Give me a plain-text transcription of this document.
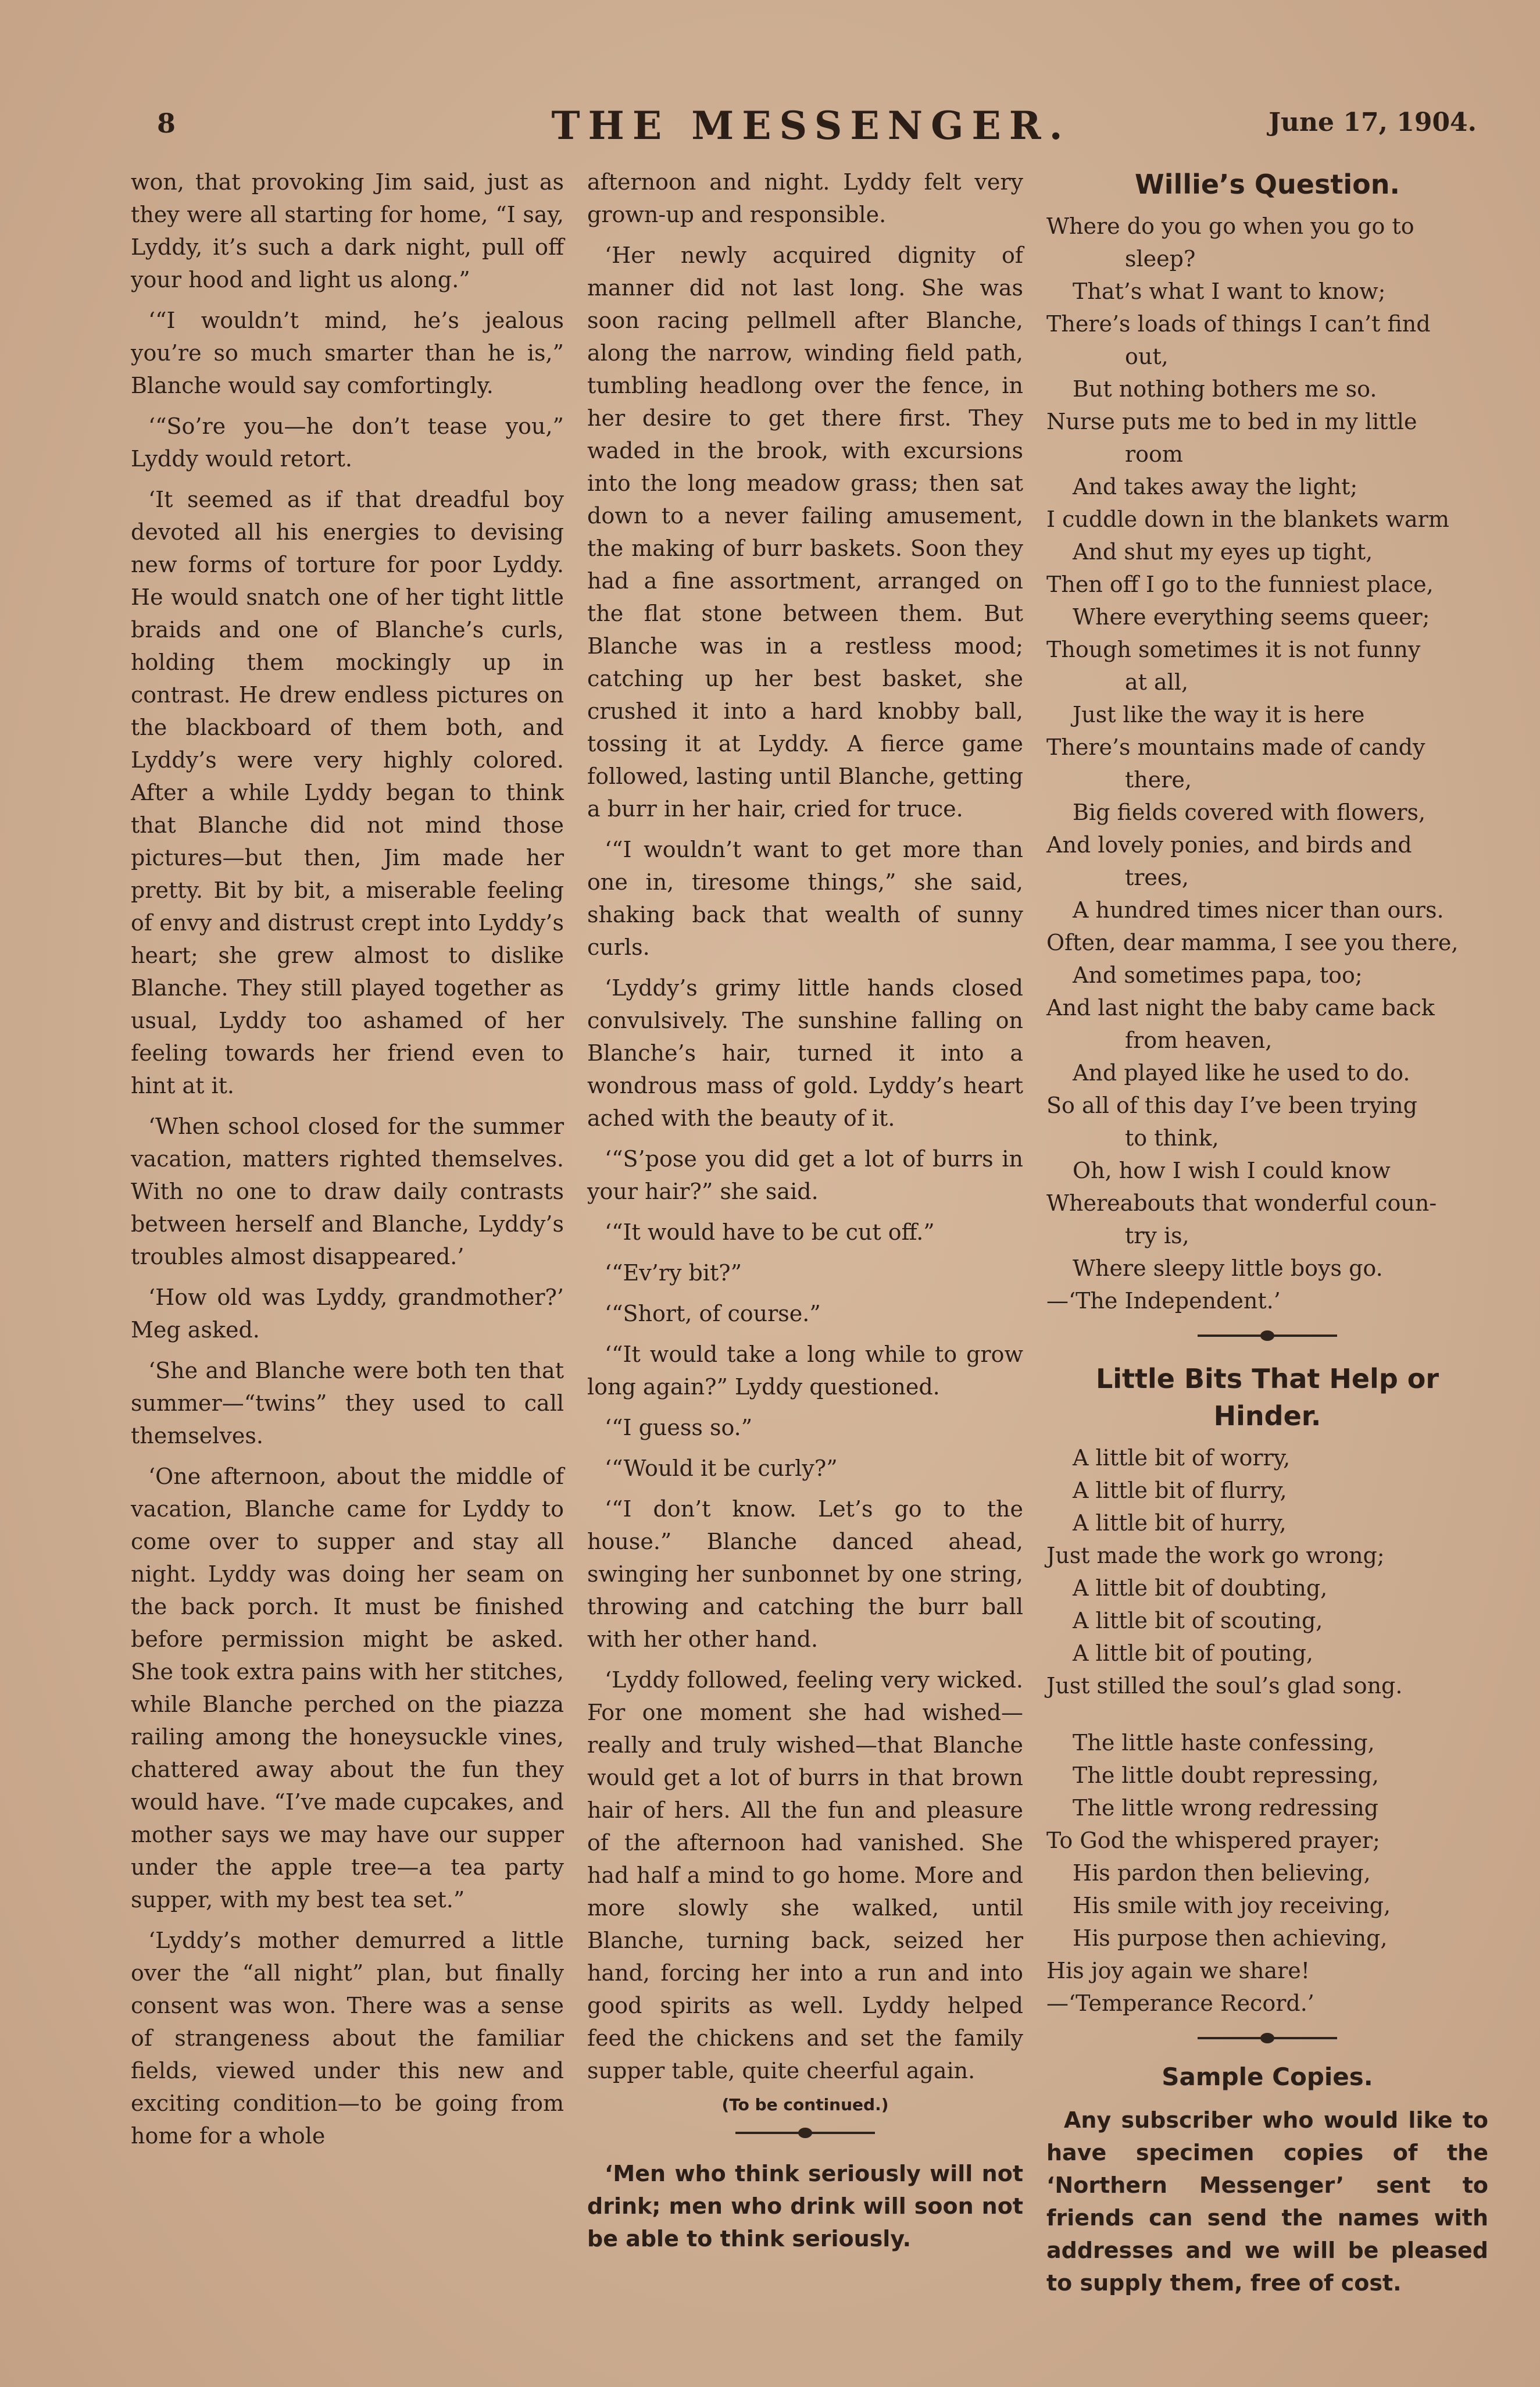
8	THE MESSENGER.	June 17, 1904.

won, that provoking Jim said, just as they were all starting for home, “I say, Lyddy, it’s such a dark night, pull off your hood and light us along.”

‘“I wouldn’t mind, he’s jealous you’re so much smarter than he is,” Blanche would say comfortingly.

‘“So’re you—he don’t tease you,” Lyddy would retort.

‘It seemed as if that dreadful boy devoted all his energies to devising new forms of torture for poor Lyddy. He would snatch one of her tight little braids and one of Blanche’s curls, holding them mockingly up in contrast. He drew endless pictures on the blackboard of them both, and Lyddy’s were very highly colored. After a while Lyddy began to think that Blanche did not mind those pictures—but then, Jim made her pretty. Bit by bit, a miserable feeling of envy and distrust crept into Lyddy’s heart; she grew almost to dislike Blanche. They still played together as usual, Lyddy too ashamed of her feeling towards her friend even to hint at it.

‘When school closed for the summer vacation, matters righted themselves. With no one to draw daily contrasts between herself and Blanche, Lyddy’s troubles almost disappeared.’

‘How old was Lyddy, grandmother?’ Meg asked.

‘She and Blanche were both ten that summer—“twins” they used to call themselves.

‘One afternoon, about the middle of vacation, Blanche came for Lyddy to come over to supper and stay all night. Lyddy was doing her seam on the back porch. It must be finished before permission might be asked. She took extra pains with her stitches, while Blanche perched on the piazza railing among the honeysuckle vines, chattered away about the fun they would have. “I’ve made cupcakes, and mother says we may have our supper under the apple tree—a tea party supper, with my best tea set.”

‘Lyddy’s mother demurred a little over the “all night” plan, but finally consent was won. There was a sense of strangeness about the familiar fields, viewed under this new and exciting condition—to be going from home for a whole

afternoon and night. Lyddy felt very grown-up and responsible.

‘Her newly acquired dignity of manner did not last long. She was soon racing pellmell after Blanche, along the narrow, winding field path, tumbling headlong over the fence, in her desire to get there first. They waded in the brook, with excursions into the long meadow grass; then sat down to a never failing amusement, the making of burr baskets. Soon they had a fine assortment, arranged on the flat stone between them. But Blanche was in a restless mood; catching up her best basket, she crushed it into a hard knobby ball, tossing it at Lyddy. A fierce game followed, lasting until Blanche, getting a burr in her hair, cried for truce.

‘“I wouldn’t want to get more than one in, tiresome things,” she said, shaking back that wealth of sunny curls.

‘Lyddy’s grimy little hands closed convulsively. The sunshine falling on Blanche’s hair, turned it into a wondrous mass of gold. Lyddy’s heart ached with the beauty of it.

‘“S’pose you did get a lot of burrs in your hair?” she said.

‘“It would have to be cut off.”

‘“Ev’ry bit?”

‘“Short, of course.”

‘“It would take a long while to grow long again?” Lyddy questioned.

‘“I guess so.”

‘“Would it be curly?”

‘“I don’t know. Let’s go to the house.” Blanche danced ahead, swinging her sunbonnet by one string, throwing and catching the burr ball with her other hand.

‘Lyddy followed, feeling very wicked. For one moment she had wished—really and truly wished—that Blanche would get a lot of burrs in that brown hair of hers. All the fun and pleasure of the afternoon had vanished. She had half a mind to go home. More and more slowly she walked, until Blanche, turning back, seized her hand, forcing her into a run and into good spirits as well. Lyddy helped feed the chickens and set the family supper table, quite cheerful again.

(To be continued.)

‘Men who think seriously will not drink; men who drink will soon not be able to think seriously.

Willie’s Question.
Where do you go when you go to
sleep?
That’s what I want to know;
There’s loads of things I can’t find
out,
But nothing bothers me so.
Nurse puts me to bed in my little
room
And takes away the light;
I cuddle down in the blankets warm
And shut my eyes up tight,
Then off I go to the funniest place,
Where everything seems queer;
Though sometimes it is not funny
at all,
Just like the way it is here
There’s mountains made of candy
there,
Big fields covered with flowers,
And lovely ponies, and birds and
trees,
A hundred times nicer than ours.
Often, dear mamma, I see you there,
And sometimes papa, too;
And last night the baby came back
from heaven,
And played like he used to do.
So all of this day I’ve been trying
to think,
Oh, how I wish I could know
Whereabouts that wonderful coun-
try is,
Where sleepy little boys go.
—‘The Independent.’
Little Bits That Help or Hinder.
A little bit of worry,
A little bit of flurry,
A little bit of hurry,
Just made the work go wrong;
A little bit of doubting,
A little bit of scouting,
A little bit of pouting,
Just stilled the soul’s glad song.
The little haste confessing,
The little doubt repressing,
The little wrong redressing
To God the whispered prayer;
His pardon then believing,
His smile with joy receiving,
His purpose then achieving,
His joy again we share!
—‘Temperance Record.’
Sample Copies.

Any subscriber who would like to have specimen copies of the ‘Northern Messenger’ sent to friends can send the names with addresses and we will be pleased to supply them, free of cost.
